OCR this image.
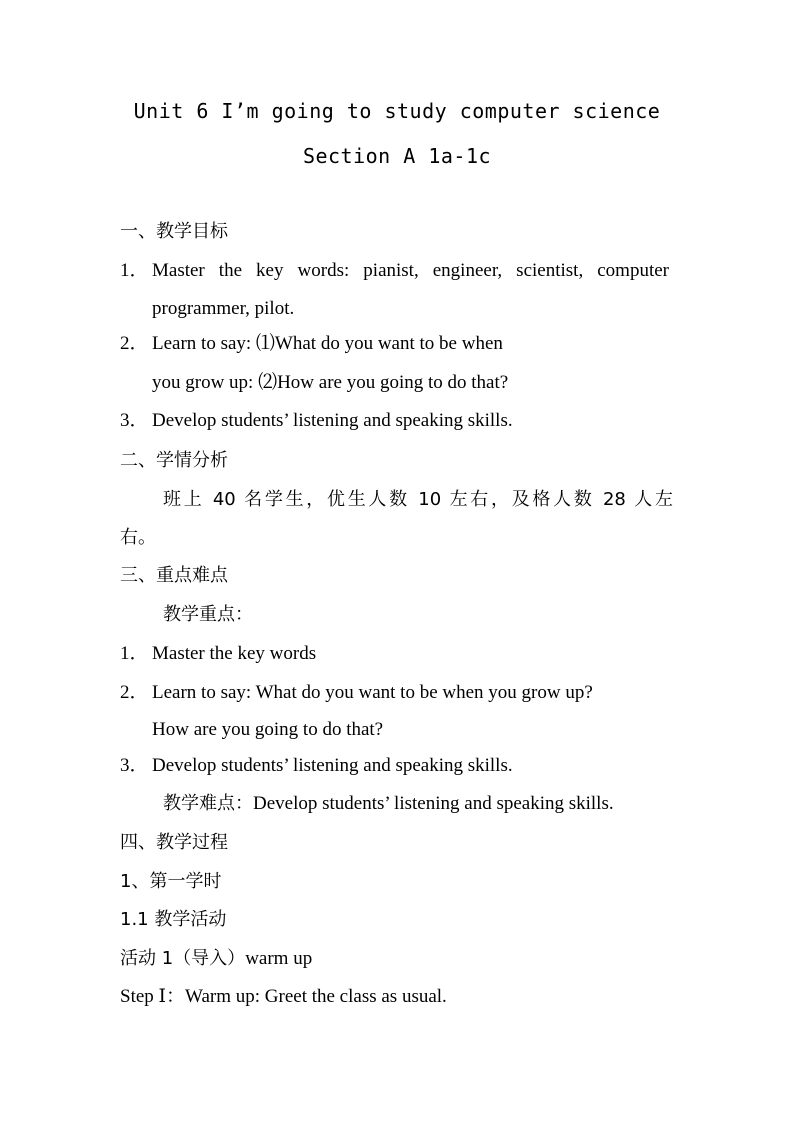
Unit 6 I’m going to study computer science
Section A 1a-1c
一、教学目标
1． Master the key words: pianist, engineer, scientist, computer
programmer, pilot.
2． Learn to say: ⑴What do you want to be when
you grow up: ⑵How are you going to do that?
3． Develop students’ listening and speaking skills.
二、学情分析
班上 40 名学生，优生人数 10 左右，及格人数 28 人左
右。
三、重点难点
教学重点：
1． Master the key words
2． Learn to say: What do you want to be when you grow up?
How are you going to do that?
3． Develop students’ listening and speaking skills.
教学难点：Develop students’ listening and speaking skills.
四、教学过程
1、第一学时
1.1 教学活动
活动 1（导入）warm up
Step Ⅰ：Warm up: Greet the class as usual.
